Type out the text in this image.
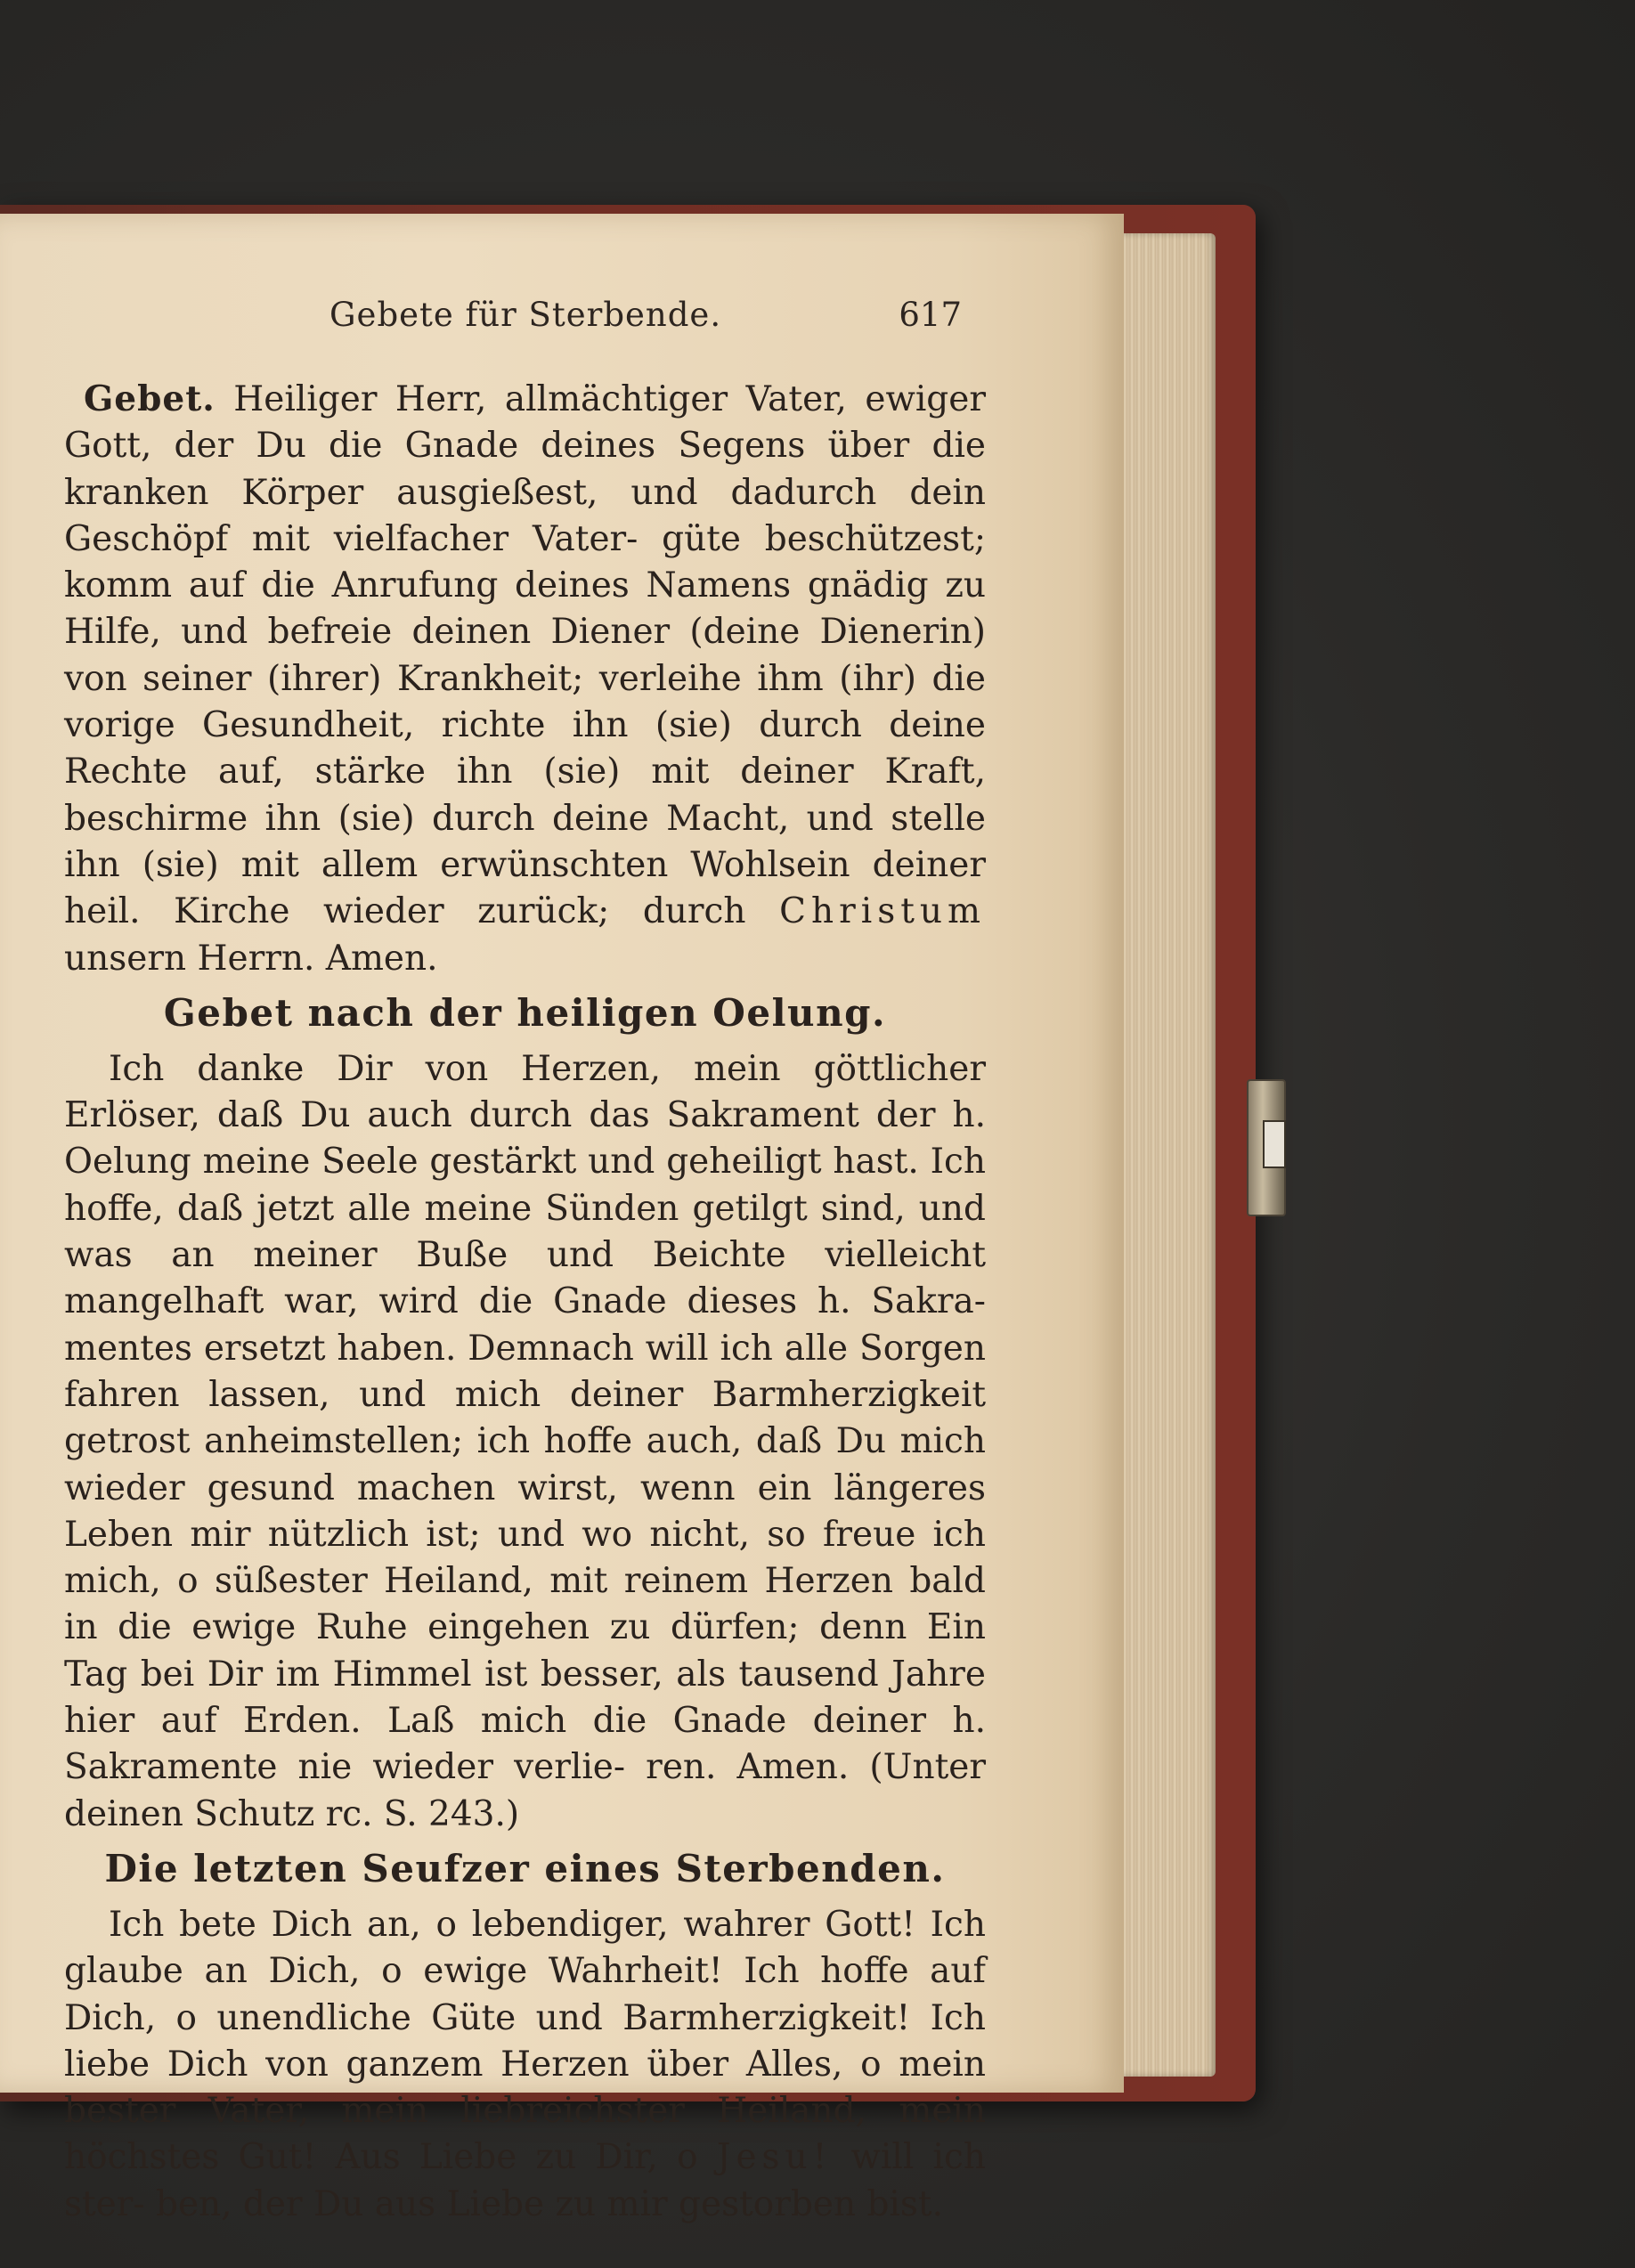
Gebete für Sterbende.	617

Gebet. Heiliger Herr, allmächtiger Vater, ewiger Gott, der Du die Gnade deines Segens über die kranken Körper ausgießest, und dadurch dein Geschöpf mit vielfacher Vater- güte beschützest; komm auf die Anrufung deines Namens gnädig zu Hilfe, und befreie deinen Diener (deine Dienerin) von seiner (ihrer) Krankheit; verleihe ihm (ihr) die vorige Gesundheit, richte ihn (sie) durch deine Rechte auf, stärke ihn (sie) mit deiner Kraft, beschirme ihn (sie) durch deine Macht, und stelle ihn (sie) mit allem erwünschten Wohlsein deiner heil. Kirche wieder zurück; durch Christum unsern Herrn. Amen.

Gebet nach der heiligen Oelung.

Ich danke Dir von Herzen, mein göttlicher Erlöser, daß Du auch durch das Sakrament der h. Oelung meine Seele gestärkt und geheiligt hast. Ich hoffe, daß jetzt alle meine Sünden getilgt sind, und was an meiner Buße und Beichte vielleicht mangelhaft war, wird die Gnade dieses h. Sakra- mentes ersetzt haben. Demnach will ich alle Sorgen fahren lassen, und mich deiner Barmherzigkeit getrost anheimstellen; ich hoffe auch, daß Du mich wieder gesund machen wirst, wenn ein längeres Leben mir nützlich ist; und wo nicht, so freue ich mich, o süßester Heiland, mit reinem Herzen bald in die ewige Ruhe eingehen zu dürfen; denn Ein Tag bei Dir im Himmel ist besser, als tausend Jahre hier auf Erden. Laß mich die Gnade deiner h. Sakramente nie wieder verlie- ren. Amen. (Unter deinen Schutz rc. S. 243.)

Die letzten Seufzer eines Sterbenden.

Ich bete Dich an, o lebendiger, wahrer Gott! Ich glaube an Dich, o ewige Wahrheit! Ich hoffe auf Dich, o unendliche Güte und Barmherzigkeit! Ich liebe Dich von ganzem Herzen über Alles, o mein bester Vater, mein liebreichster Heiland, mein höchstes Gut! Aus Liebe zu Dir, o Jesu! will ich ster- ben, der Du aus Liebe zu mir gestorben bist.
